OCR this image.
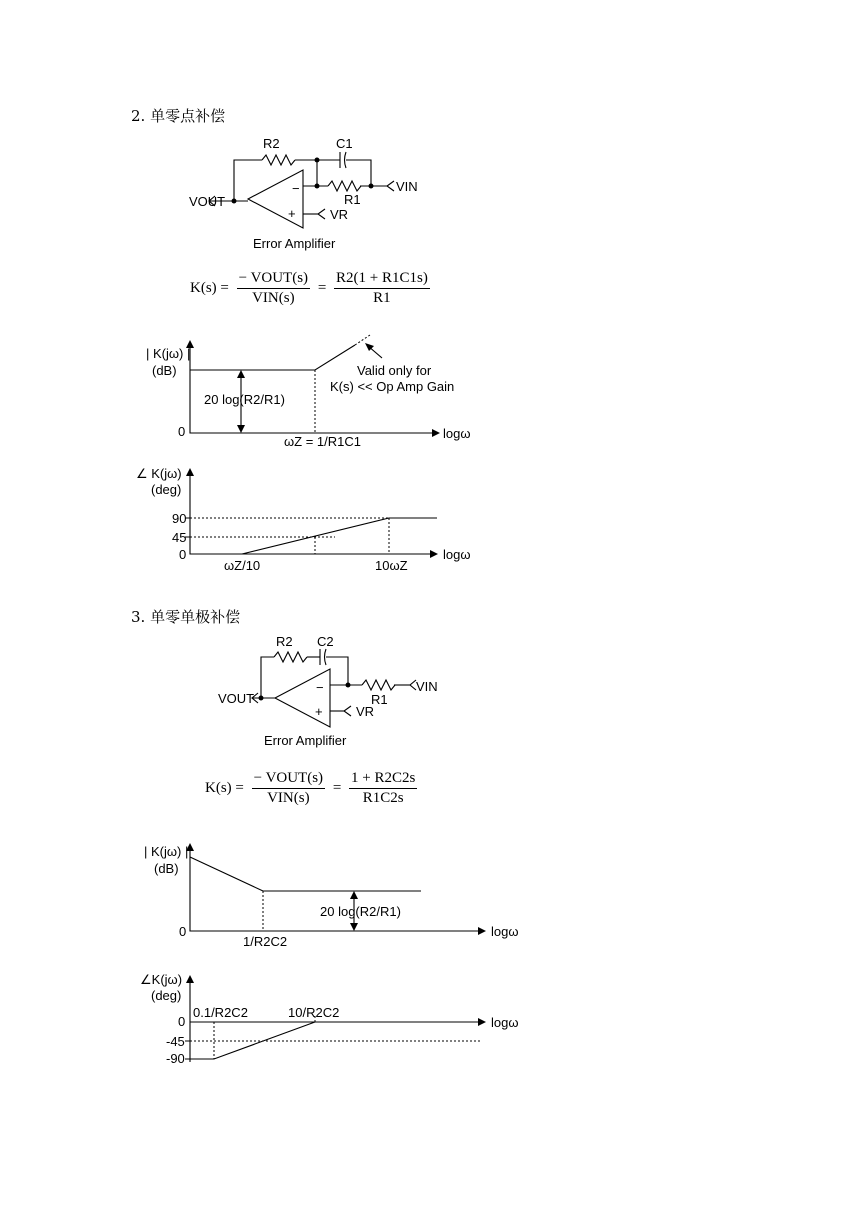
2. 单零点补偿
−
+
R2	C1
R1
VIN
VR
VOUT
Error Amplifier
$K(s) = \frac{\text{− VOUT(s)}}{\text{VIN(s)}} = \frac{R2(1 + R1C1s)}{R1}$
| K(jω) |
(dB)
0
20 log(R2/R1)
Valid only for
K(s) << Op Amp Gain
logω
ωZ = 1/R1C1
∠ K(jω)
(deg)
90
45
0	logω
ωZ/10	10ωZ
3. 单零单极补偿
−
+
R2 C2
R1
VIN
VR
VOUT
Error Amplifier
$K(s) = \frac{\text{− VOUT(s)}}{\text{VIN(s)}} = \frac{1 + R2C2s}{R1C2s}$
| K(jω) |
(dB)
0
20 log(R2/R1)
logω
1/R2C2
∠K(jω)
(deg)
0
-45
-90
logω
0.1/R2C2	10/R2C2
